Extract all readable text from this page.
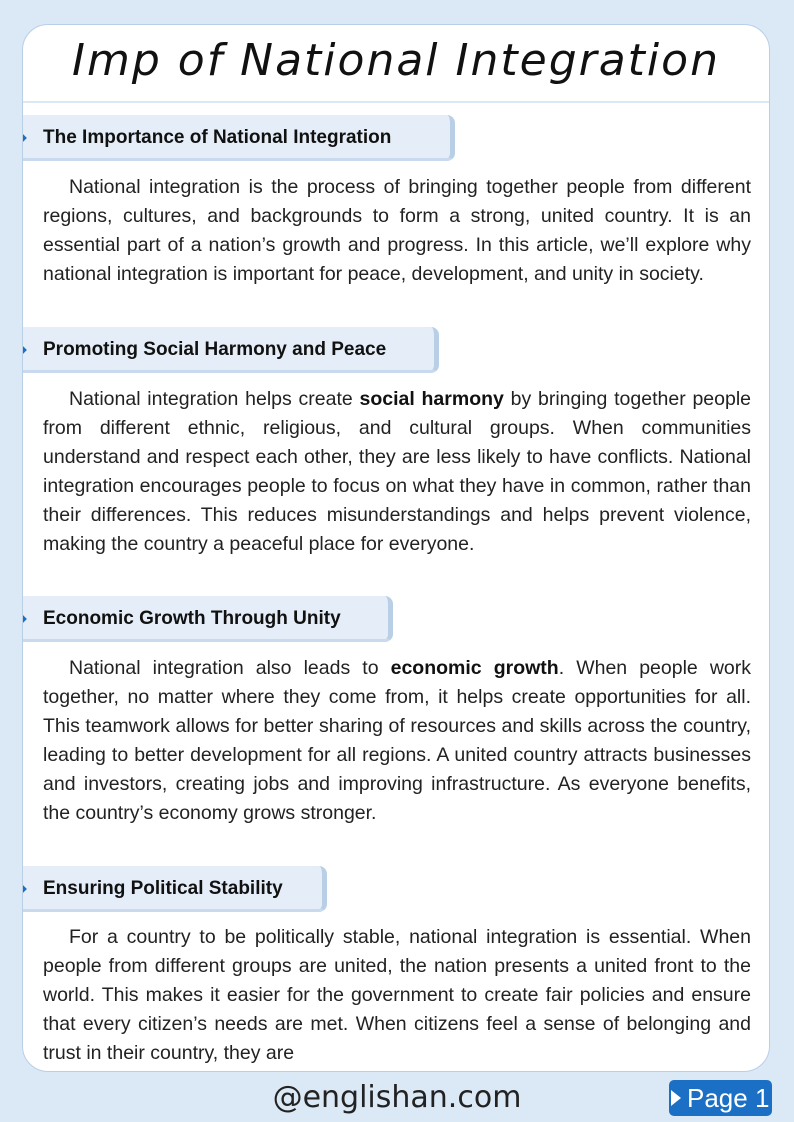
Imp of National Integration
The Importance of National Integration

National integration is the process of bringing together people from different regions, cultures, and backgrounds to form a strong, united country. It is an essential part of a nation’s growth and progress. In this article, we’ll explore why national integration is important for peace, development, and unity in society.

Promoting Social Harmony and Peace

National integration helps create social harmony by bringing together people from different ethnic, religious, and cultural groups. When communities understand and respect each other, they are less likely to have conflicts. National integration encourages people to focus on what they have in common, rather than their differences. This reduces misunderstandings and helps prevent violence, making the country a peaceful place for everyone.

Economic Growth Through Unity

National integration also leads to economic growth. When people work together, no matter where they come from, it helps create opportunities for all. This teamwork allows for better sharing of resources and skills across the country, leading to better development for all regions. A united country attracts businesses and investors, creating jobs and improving infrastructure. As everyone benefits, the country’s economy grows stronger.

Ensuring Political Stability

For a country to be politically stable, national integration is essential. When people from different groups are united, the nation presents a united front to the world. This makes it easier for the government to create fair policies and ensure that every citizen’s needs are met. When citizens feel a sense of belonging and trust in their country, they are

@englishan.com	Page 1
